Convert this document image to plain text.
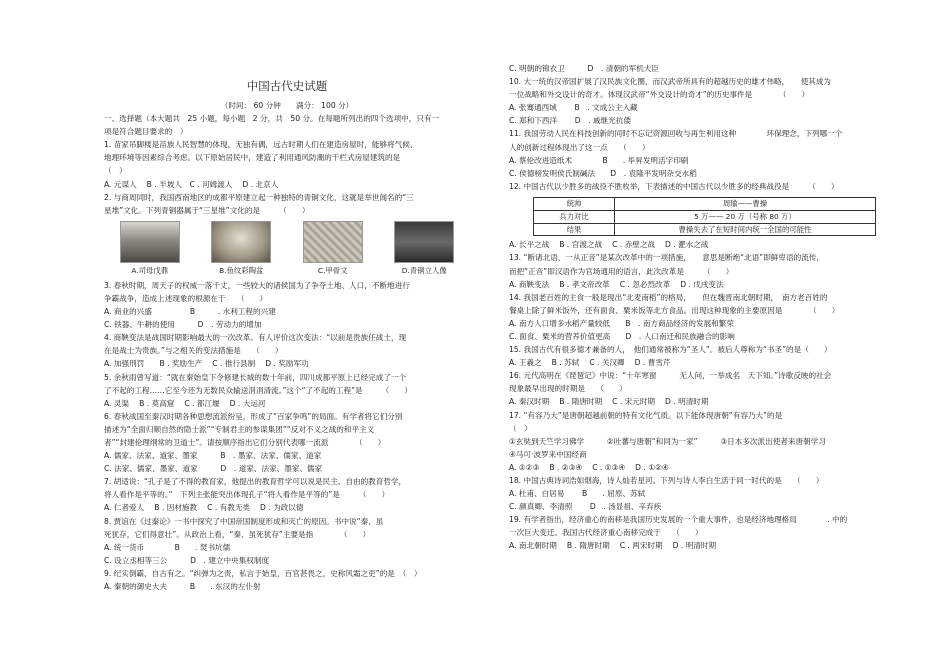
中国古代史试题
（时间： 60 分钟　　满分： 100 分）
一、选择题（本大题共　25 小题，每小题　2 分，共　50 分。在每题所列出的四个选项中，只有一
项是符合题目要求的　）
1. 苗家吊脚楼是苗族人民智慧的体现，无独有偶，远古时期人们在建造房屋时，能够将气候、
地理环境等因素综合考虑。以下原始居民中，建造了利用通风防潮的干栏式房屋建筑的是
（　）
A. 元谋人　 B . 半坡人　C . 河姆渡人　 D . 北京人
2. 与商周同时，我国西南地区的成都平原建立起一种独特的青铜文化，这就是举世闻名的“三
星堆”文化。下列青铜器属于“三星堆”文化的是　　　（　　）
A.司母戊鼎	B.鱼纹彩陶盆	C.甲骨文	D.青铜立人像
3. 春秋时期，周天子的权威一落千丈，一些较大的诸侯国为了争夺土地、人口，不断地进行
争霸战争，造成上述现象的根源在于　　（　　）
A. 商业的兴盛　　　　　B　　　. 水利工程的兴建
C. 铁器、牛耕的使用　　　D　. 劳动力的增加
4. 商鞅变法是战国时期影响最大的一次改革。有人评价这次变法：“以前是贵族任战士，现
在是战士为贵族。”与之相关的变法措施是　　（　　）
A. 加强刑罚　　B . 奖励生产　 C . 推行县制　 D . 奖励军功
5. 余秋雨曾写道：“就在秦始皇下令修建长城的数十年前，四川成都平原上已经完成了一个
了不起的工程……它至今还为无数民众输送涓涓清流。”这个“了不起的工程”是　　　（　　）
A. 灵渠　 B . 莫高窟　 C . 都江堰　 D . 大运河
6. 春秋战国至秦汉时期各种思想流派纷呈，形成了“百家争鸣”的局面。有学者将它们分别
描述为“全面归顺自然的隐士派”“专制君主的参谋集团”“反对不义之战的和平主义
者”“封建伦理纲常的卫道士”。请按顺序指出它们分别代表哪一流派　　　　（　　）
A. 儒家、法家、道家、墨家　　　B　. 墨家、法家、儒家、道家
C. 法家、儒家、墨家、道家　　　D　. 道家、法家、墨家、儒家
7. 胡适说：“孔子是了不得的教育家，他提出的教育哲学可以说是民主、自由的教育哲学，
将人看作是平等的。”　下列主张能突出体现孔子“将人看作是平等的”是　　　（　　）
A. 仁者爱人　 B . 因材施教　 C . 有教无类　 D . 为政以德
8. 贾谊在《过秦论》一书中探究了中国帝国制度形成和灭亡的原因。书中说“秦、虽
死犹存，它们得意壮”。从政治上看，“秦、虽死犹存”主要是指　　　　（　　）
A. 统一货币　　　　B　　. 焚书坑儒
C. 设立丞相等三公　　　D　. 建立中央集权制度
9. 纪实倒霸，自古有之。“纠弹为之责，私言于始皇，百官甚畏之，史称风霜之吏”的是　（　）
A. 秦朝的御史大夫　　　B　　. 东汉的左仆射
C. 明朝的锦衣卫　　　D　. 清朝的军机大臣
10. 大一统的汉帝国扩展了汉民族文化圈，而汉武帝所具有的超越历史的雄才伟略，　　使其成为
一位战略和外交设计的奇才。体现汉武帝“外交设计的奇才”的历史事件是　　　　（　　）
A. 张骞通西域　　 B　. 文成公主入藏
C. 郑和下西洋　　 D　. 戚继光抗倭
11. 我国劳动人民在科技创新的同时不忘记资源回收与再生利用这种　　　　环保理念，下列哪一个
人的创新过程体现出了这一点　　（　　）
A. 蔡伦改进造纸术　　　　B　　. 毕昇发明活字印刷
C. 侯德榜发明侯氏制碱法　　D　. 袁隆平发明杂交水稻
12. 中国古代以少胜多的战役不胜枚举，下表描述的中国古代以少胜多的经典战役是　　　（　　）
统帅	周瑜——曹操
兵力对比	5 万—— 20 万（号称 80 万）
结果	曹操失去了在短时间内统一全国的可能性
A. 长平之战　 B . 官渡之战　 C . 赤壁之战　 D . 淝水之战
13. “断诸北语，一从正音”是某次改革中的一项措施，　　意思是断绝“北语”即鲜卑语的流传，
而把“正音”即汉语作为官场通用的语言，此次改革是　　　（　　）
A. 商鞅变法　 B . 孝文帝改革　 C . 忽必烈改革　 D . 戊戌变法
14. 我国老百姓的主食一般是现出“北麦南稻”的格局，　　但在魏晋南北朝时期，　南方老百姓的
餐桌上除了鲜米饭外，还有面食、粟米饭等北方食品。出现这种现象的主要原因是　　　　（　　）
A. 南方人口增多水稻产量较低　　B　. 南方商品经济的发展和繁荣
C. 面食、粟米的营养价值更高　　D　. 人口南迁和民族融合的影响
15. 我国古代有很多德才兼备的人，　他们通常被称为“圣人”。被后人尊称为“书圣”的是（　　）
A. 王羲之　 B . 苏轼　 C . 关汉卿　 D . 曹雪芹
16. 元代高明在《琵琶记》中说：“十年寒窗　　　无人问，一举成名　天下知。”诗歌反映的社会
现象最早出现的时期是　　（　　）
A. 秦汉时期　 B . 隋唐时期　 C . 宋元时期　 D . 明清时期
17. “有容乃大”是唐朝超越前朝的特有文化气质。以下能体现唐朝“有容乃大”的是
（　）
①玄奘到天竺学习佛学　　　②吐蕃与唐朝“和同为一家”　　　③日本多次派出使者来唐朝学习
④马可·波罗来中国经商
A. ①②③　 B . ②③④　 C . ①③④　 D . ①②④
18. 中国古典诗词浩如烟海，诗人灿若星河。下列与诗人李白生活于同一时代的是　　（　　）
A. 杜甫、白居易　　 B　　. 屈原、苏轼
C. 颜真卿、李清照　　 D　. 汤显祖、辛弃疾
19. 有学者指出，经济重心的南移是我国历史发展的一个重大事件，也是经济地理格局　　　　. 中的
一次巨大变迁。我国古代经济重心南移完成于　　（　　）
A. 南北朝时期　 B . 隋唐时期　 C . 两宋时期　 D . 明清时期
